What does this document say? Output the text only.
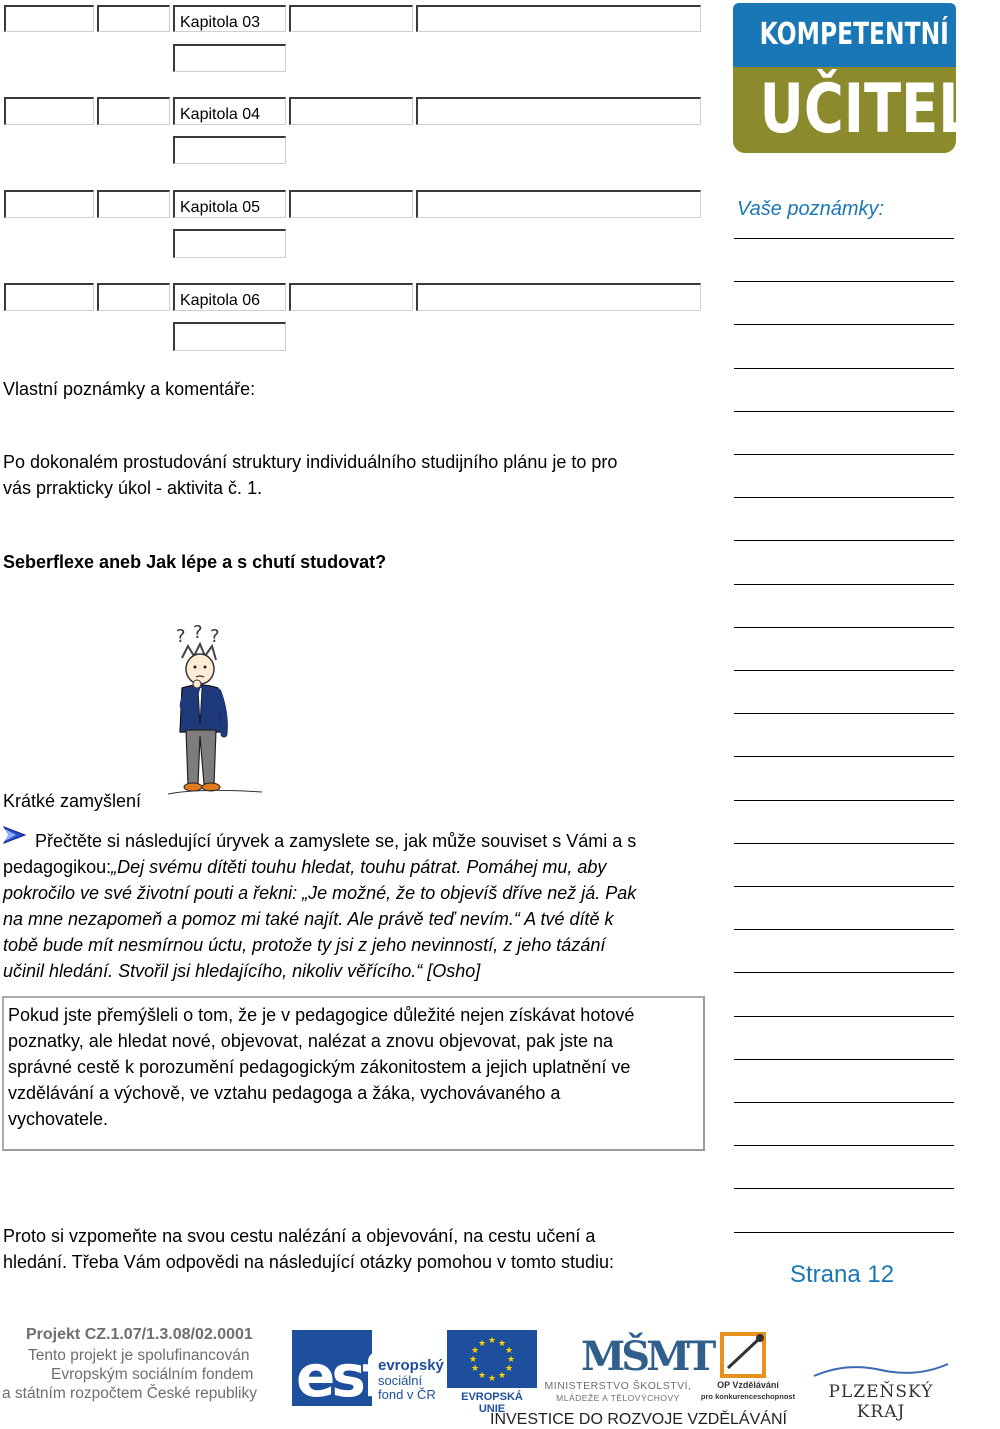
Kapitola 03
Kapitola 04
Kapitola 05
Kapitola 06
KOMPETENTNÍ
UČITEL
Vaše poznámky:
Strana 12
Vlastní poznámky a komentáře:
Po dokonalém prostudování struktury individuálního studijního plánu je to pro
vás prrakticky úkol - aktivita č. 1.
Seberflexe aneb Jak lépe a s chutí studovat?
? ? ?
Krátké zamyšlení
Přečtěte si následující úryvek a zamyslete se, jak může souviset s Vámi a s
pedagogikou:„Dej svému dítěti touhu hledat, touhu pátrat. Pomáhej mu, aby
pokročilo ve své životní pouti a řekni: „Je možné, že to objevíš dříve než já. Pak
na mne nezapomeň a pomoz mi také najít. Ale právě teď nevím.“ A tvé dítě k
tobě bude mít nesmírnou úctu, protože ty jsi z jeho nevinností, z jeho tázání
učinil hledání. Stvořil jsi hledajícího, nikoliv věřícího.“ [Osho]
Pokud jste přemýšleli o tom, že je v pedagogice důležité nejen získávat hotové
poznatky, ale hledat nové, objevovat, nalézat a znovu objevovat, pak jste na
správné cestě k porozumění pedagogickým zákonitostem a jejich uplatnění ve
vzdělávání a výchově, ve vztahu pedagoga a žáka, vychovávaného a
vychovatele.
Proto si vzpomeňte na svou cestu nalézání a objevování, na cestu učení a
hledání. Třeba Vám odpovědi na následující otázky pomohou v tomto studiu:
Projekt CZ.1.07/1.3.08/02.0001
Tento projekt je spolufinancován
Evropským sociálním fondem
a státním rozpočtem České republiky esf
evropský
sociální
fond v ČR
★ ★
★
★
★
★
★
★
★
★
★
★
EVROPSKÁ UNIE
MŠMT
MINISTERSTVO ŠKOLSTVÍ,
MLÁDEŽE A TĚLOVÝCHOVY
OP Vzdělávání
pro konkurenceschopnost	PLZEŇSKÝ KRAJ
INVESTICE DO ROZVOJE VZDĚLÁVÁNÍ
